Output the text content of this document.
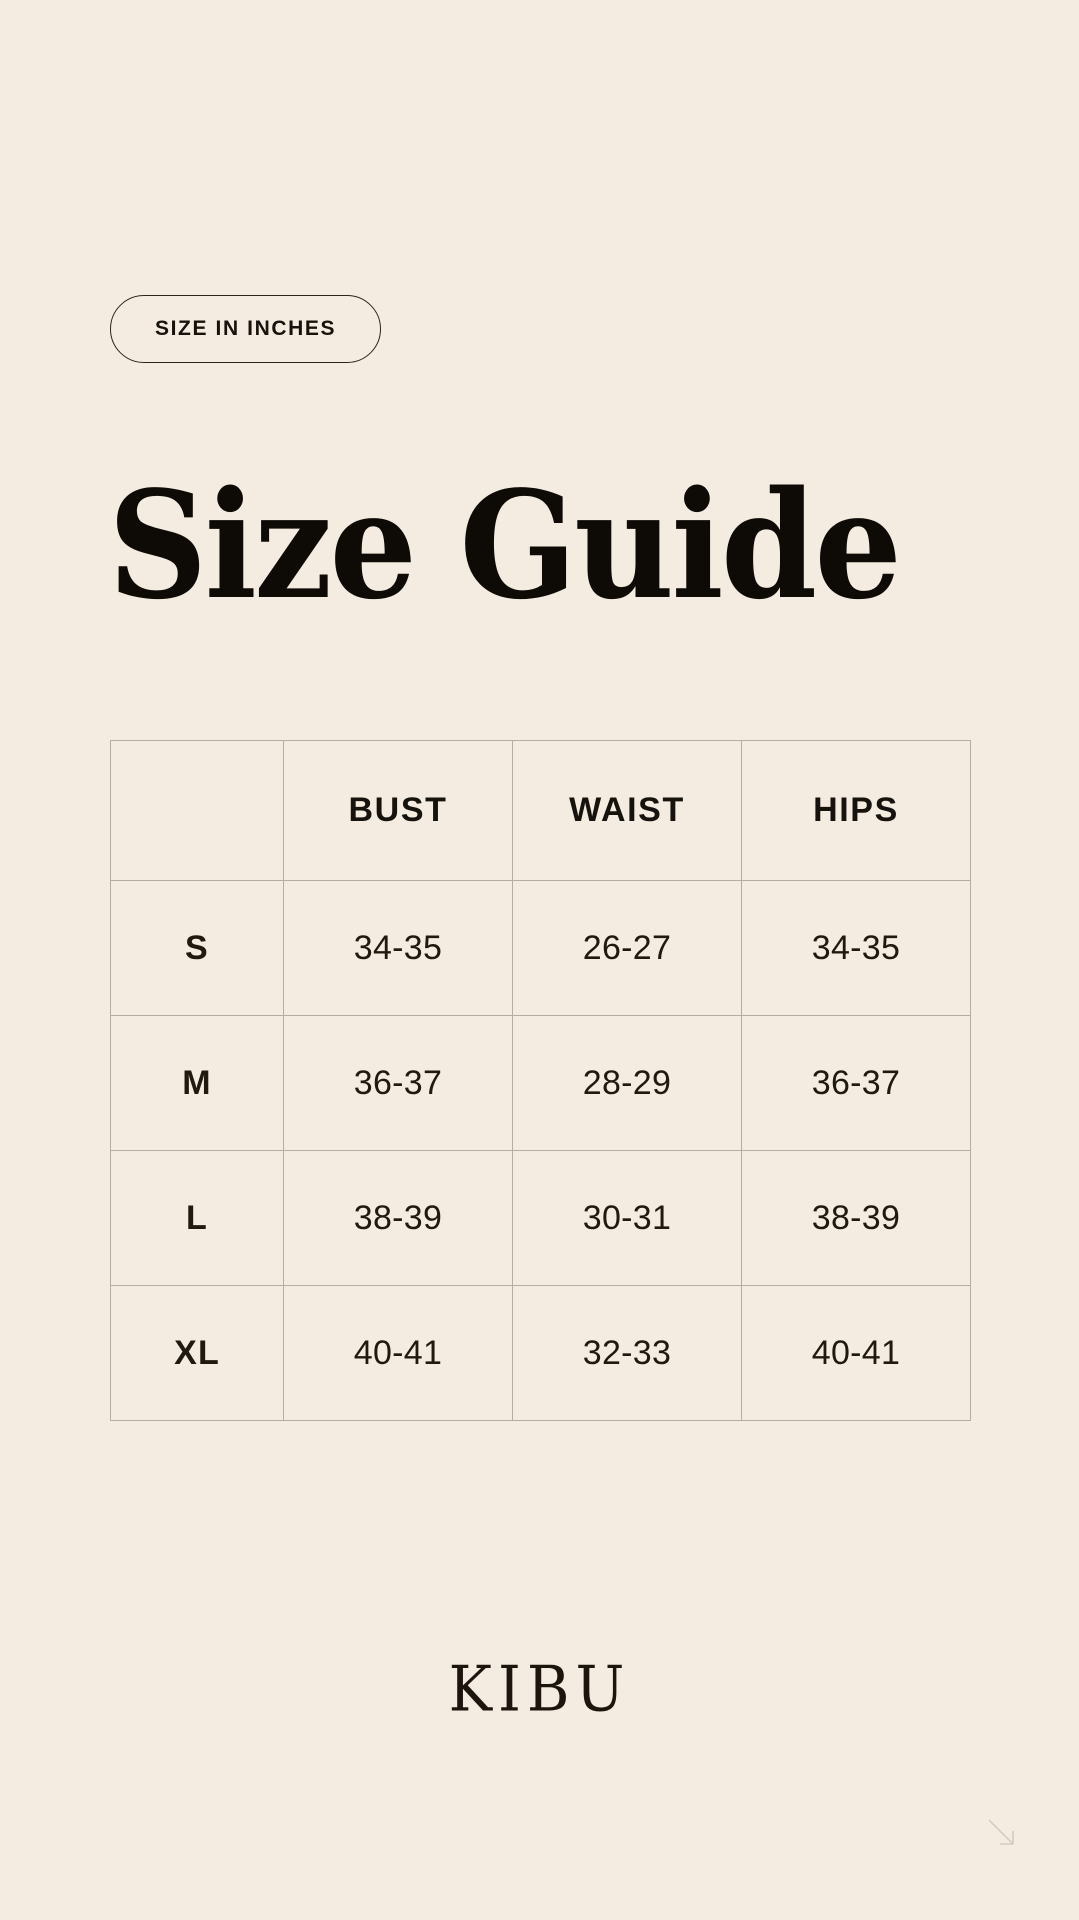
SIZE IN INCHES
Size Guide
	BUST	WAIST	HIPS
S	34-35	26-27	34-35
M	36-37	28-29	36-37
L	38-39	30-31	38-39
XL	40-41	32-33	40-41
KIBU
